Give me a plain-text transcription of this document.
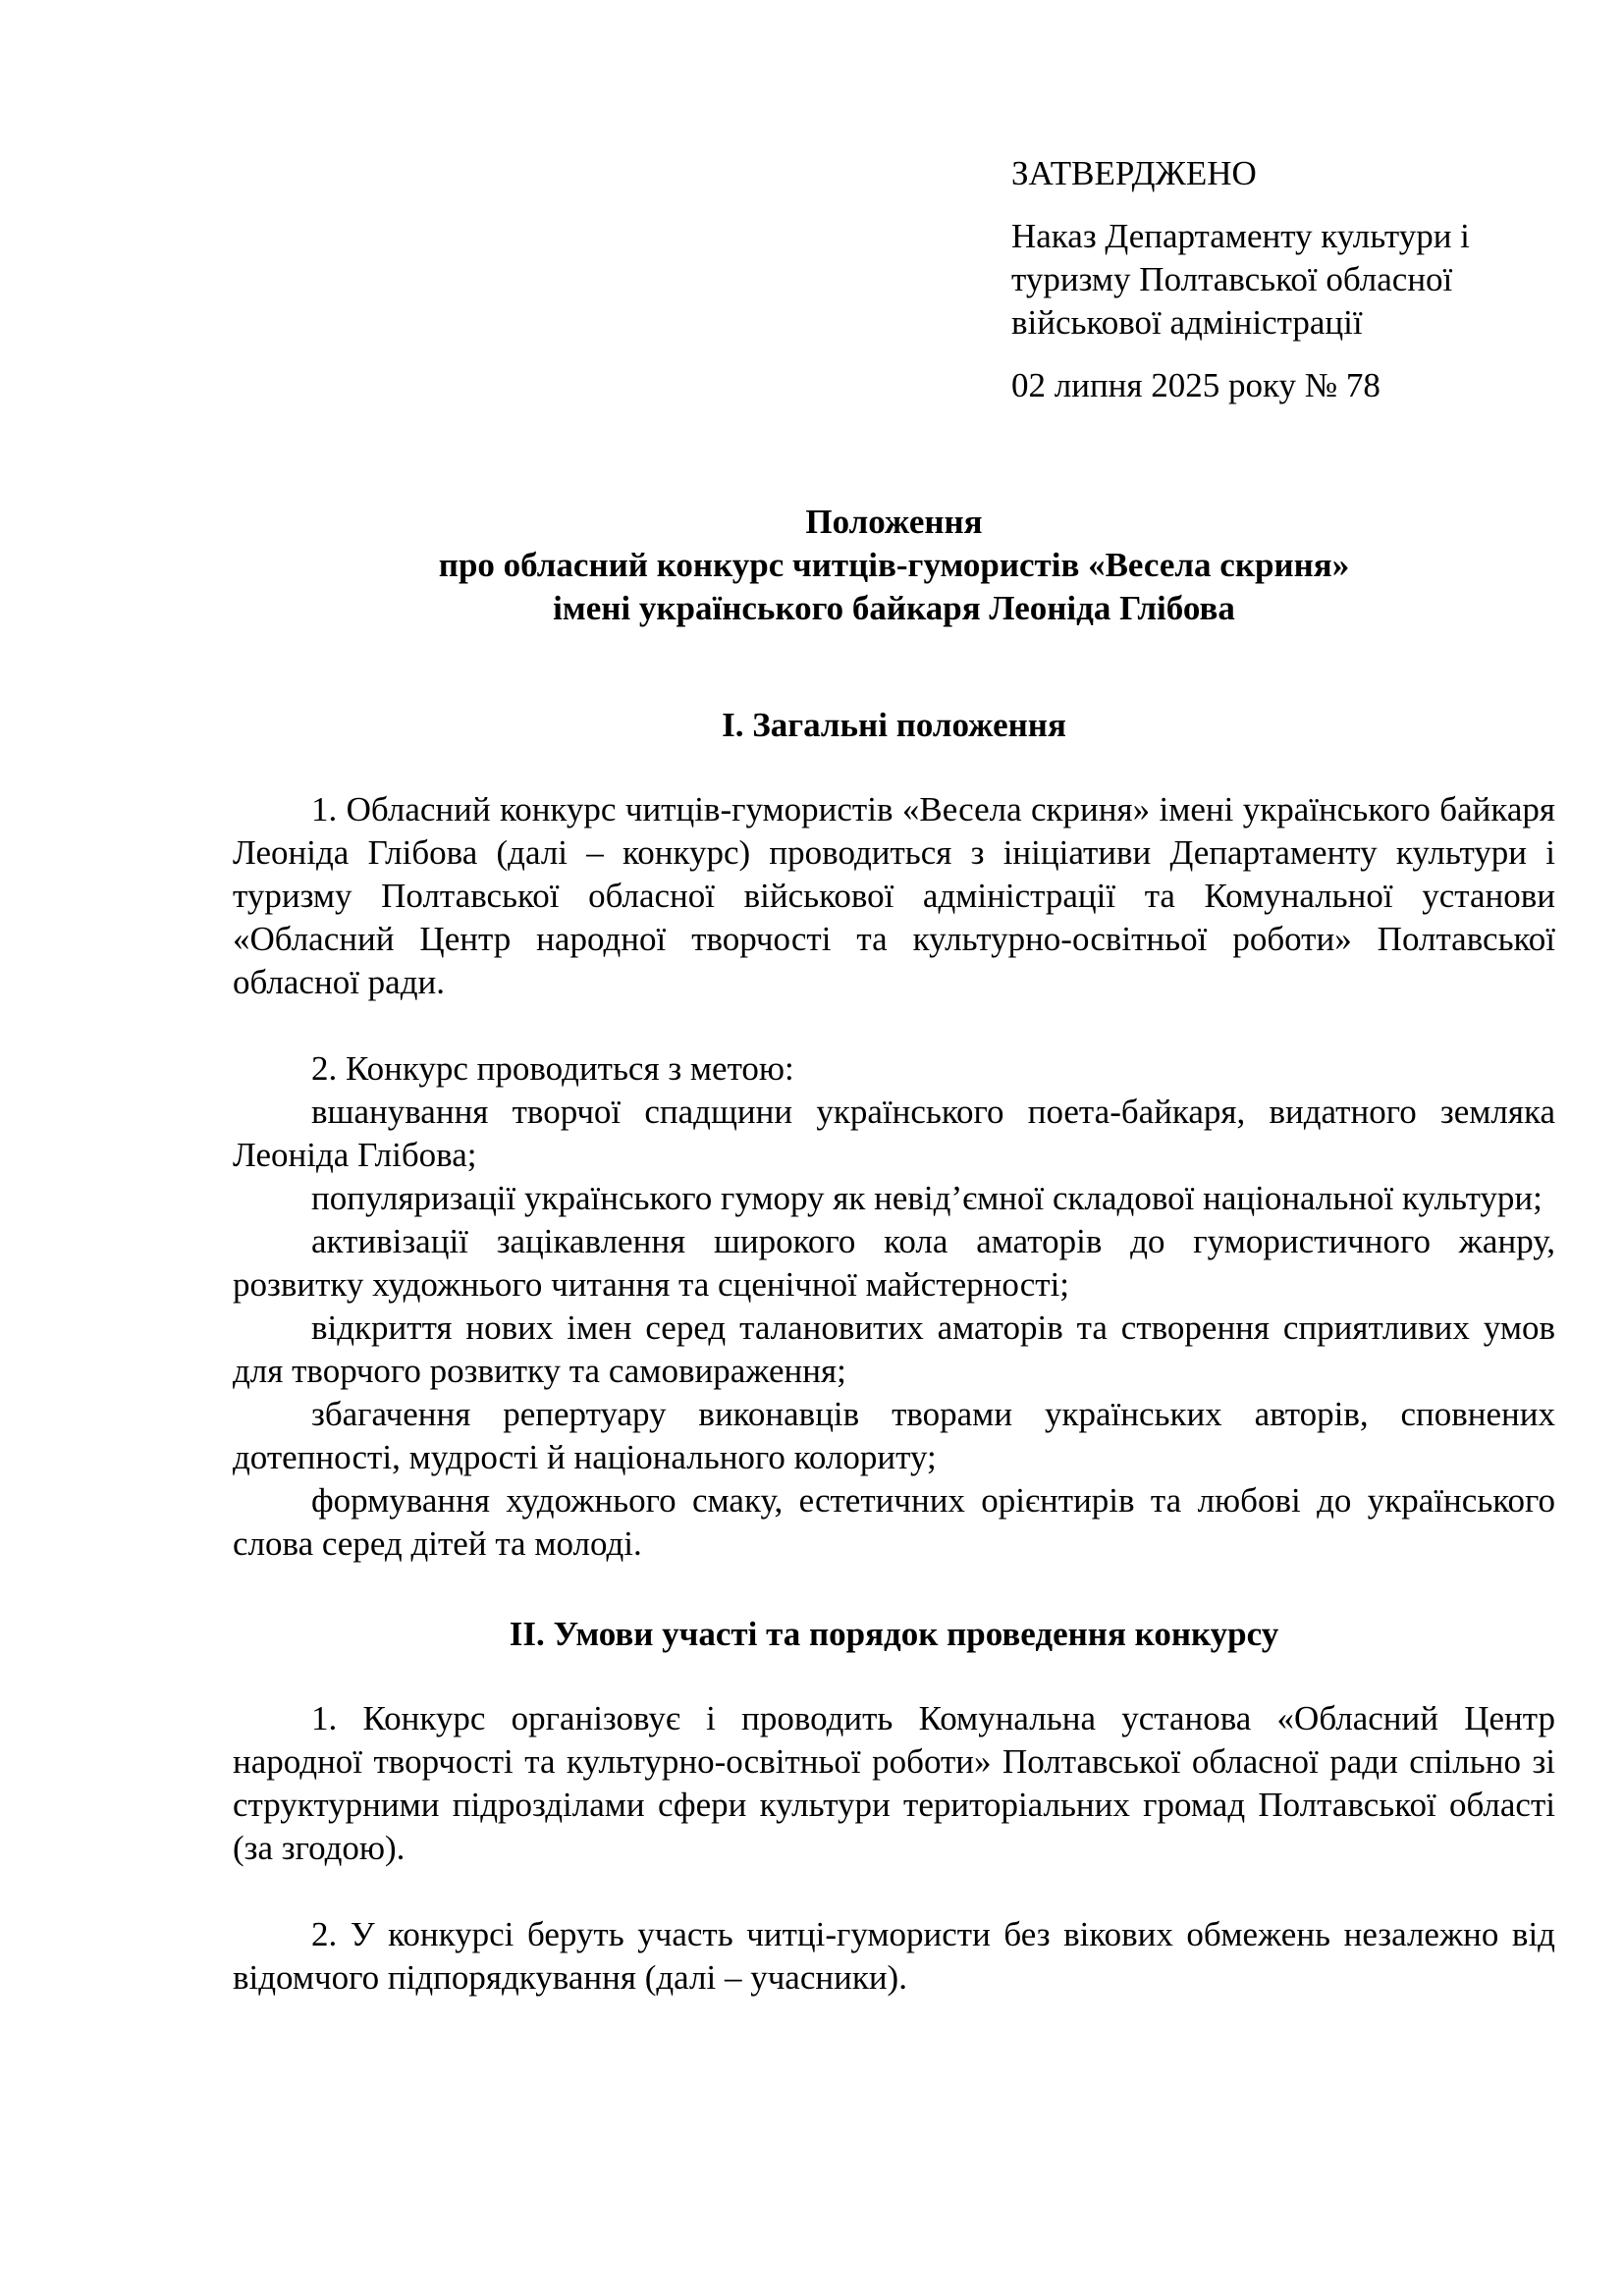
ЗАТВЕРДЖЕНО

Наказ Департаменту культури і

туризму Полтавської обласної

військової адміністрації

02 липня 2025 року № 78

Положення

про обласний конкурс читців-гумористів «Весела скриня»

імені українського байкаря Леоніда Глібова

І. Загальні положення

1. Обласний конкурс читців-гумористів «Весела скриня» імені українського байкаря Леоніда Глібова (далі – конкурс) проводиться з ініціативи Департаменту культури і туризму Полтавської обласної військової адміністрації та Комунальної установи «Обласний Центр народної творчості та культурно-освітньої роботи» Полтавської обласної ради.

2. Конкурс проводиться з метою:

вшанування творчої спадщини українського поета-байкаря, видатного земляка Леоніда Глібова;
популяризації українського гумору як невід’ємної складової національної культури;
активізації зацікавлення широкого кола аматорів до гумористичного жанру, розвитку художнього читання та сценічної майстерності;
відкриття нових імен серед талановитих аматорів та створення сприятливих умов для творчого розвитку та самовираження;
збагачення репертуару виконавців творами українських авторів, сповнених дотепності, мудрості й національного колориту;
формування художнього смаку, естетичних орієнтирів та любові до українського слова серед дітей та молоді.
ІІ. Умови участі та порядок проведення конкурсу

1. Конкурс організовує і проводить Комунальна установа «Обласний Центр народної творчості та культурно-освітньої роботи» Полтавської обласної ради спільно зі структурними підрозділами сфери культури територіальних громад Полтавської області (за згодою).

2. У конкурсі беруть участь читці-гумористи без вікових обмежень незалежно від відомчого підпорядкування (далі – учасники).
